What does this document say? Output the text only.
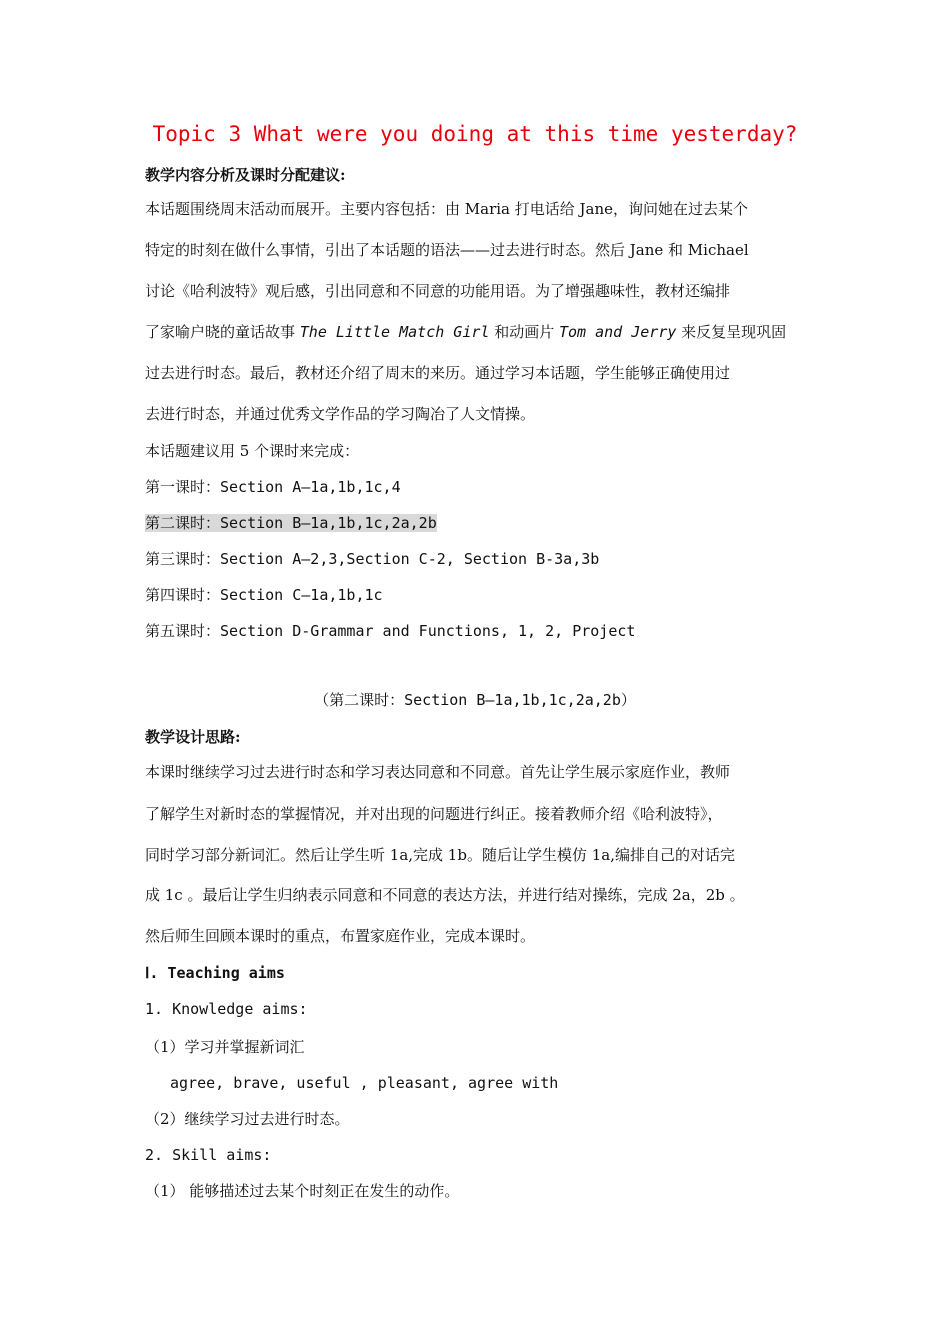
Topic 3 What were you doing at this time yesterday?
教学内容分析及课时分配建议:
本话题围绕周末活动而展开。主要内容包括：由 Maria 打电话给 Jane，询问她在过去某个
特定的时刻在做什么事情，引出了本话题的语法——过去进行时态。然后 Jane 和 Michael
讨论《哈利波特》观后感，引出同意和不同意的功能用语。为了增强趣味性，教材还编排
了家喻户晓的童话故事 The Little Match Girl 和动画片 Tom and Jerry 来反复呈现巩固
过去进行时态。最后，教材还介绍了周末的来历。通过学习本话题，学生能够正确使用过
去进行时态，并通过优秀文学作品的学习陶冶了人文情操。
本话题建议用 5 个课时来完成：
第一课时：Section A—1a,1b,1c,4
第二课时：Section B—1a,1b,1c,2a,2b
第三课时：Section A—2,3,Section C-2, Section B-3a,3b
第四课时：Section C—1a,1b,1c
第五课时：Section D-Grammar and Functions, 1, 2, Project
（第二课时：Section B—1a,1b,1c,2a,2b）
教学设计思路:
本课时继续学习过去进行时态和学习表达同意和不同意。首先让学生展示家庭作业，教师
了解学生对新时态的掌握情况，并对出现的问题进行纠正。接着教师介绍《哈利波特》，
同时学习部分新词汇。然后让学生听 1a,完成 1b。随后让学生模仿 1a,编排自己的对话完
成 1c 。最后让学生归纳表示同意和不同意的表达方法，并进行结对操练，完成 2a，2b 。
然后师生回顾本课时的重点，布置家庭作业，完成本课时。
Ⅰ. Teaching aims
1. Knowledge aims:
（1）学习并掌握新词汇
agree, brave, useful , pleasant, agree with
（2）继续学习过去进行时态。
2. Skill aims:
（1） 能够描述过去某个时刻正在发生的动作。
